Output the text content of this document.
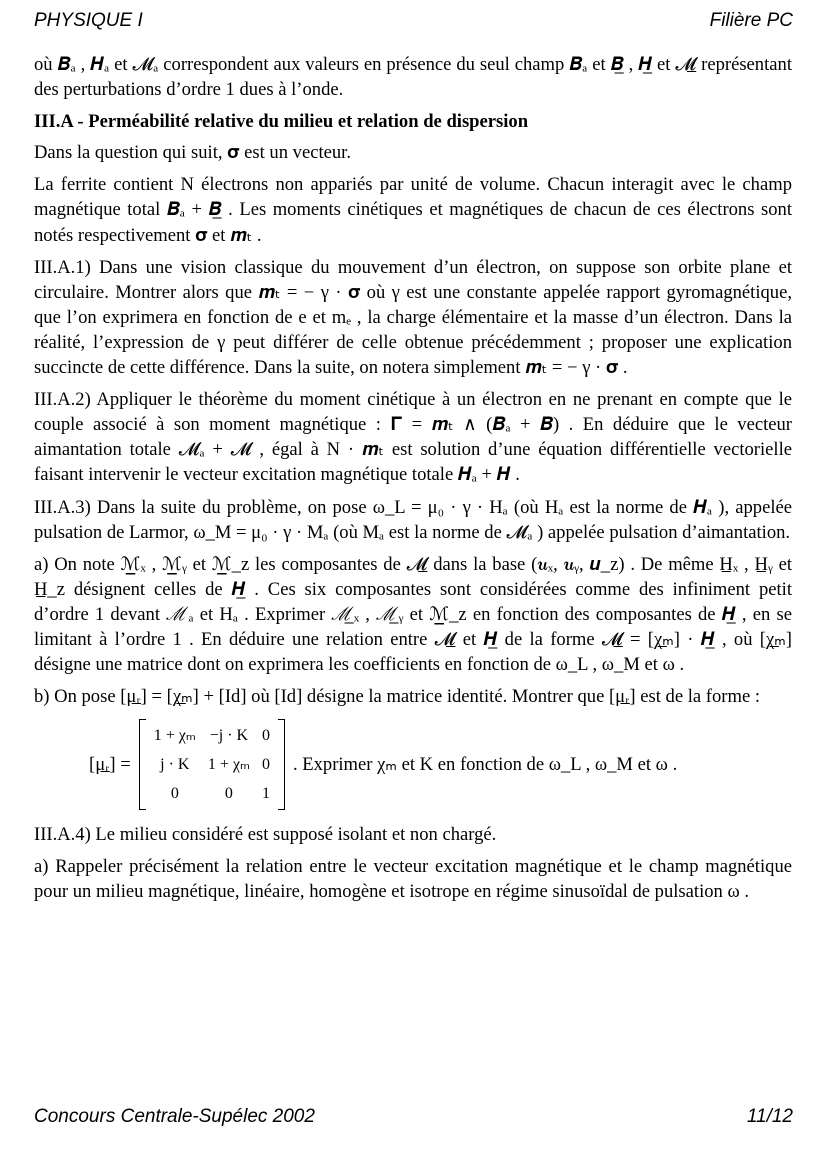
PHYSIQUE I	Filière PC

où 𝑩ₐ , 𝑯ₐ et 𝓜ₐ correspondent aux valeurs en présence du seul champ 𝑩ₐ et 𝑩̲ , 𝑯̲ et 𝓜̲ représentant des perturbations d’ordre 1 dues à l’onde.

III.A - Perméabilité relative du milieu et relation de dispersion

Dans la question qui suit, 𝛔 est un vecteur.

La ferrite contient N électrons non appariés par unité de volume. Chacun interagit avec le champ magnétique total 𝑩ₐ + 𝑩̲ . Les moments cinétiques et magnétiques de chacun de ces électrons sont notés respectivement 𝛔 et 𝒎ₜ .

III.A.1) Dans une vision classique du mouvement d’un électron, on suppose son orbite plane et circulaire. Montrer alors que 𝒎ₜ = − γ · 𝛔 où γ est une constante appelée rapport gyromagnétique, que l’on exprimera en fonction de e et mₑ , la charge élémentaire et la masse d’un électron. Dans la réalité, l’expression de γ peut différer de celle obtenue précédemment ; proposer une explication succincte de cette différence. Dans la suite, on notera simplement 𝒎ₜ = − γ · 𝛔 .

III.A.2) Appliquer le théorème du moment cinétique à un électron en ne prenant en compte que le couple associé à son moment magnétique : 𝚪 = 𝒎ₜ ∧ (𝑩ₐ + 𝑩) . En déduire que le vecteur aimantation totale 𝓜ₐ + 𝓜 , égal à N · 𝒎ₜ est solution d’une équation différentielle vectorielle faisant intervenir le vecteur excitation magnétique totale 𝑯ₐ + 𝑯 .

III.A.3) Dans la suite du problème, on pose ω_L = μ₀ · γ · Hₐ (où Hₐ est la norme de 𝑯ₐ ), appelée pulsation de Larmor, ω_M = μ₀ · γ · Mₐ (où Mₐ est la norme de 𝓜ₐ ) appelée pulsation d’aimantation.

a) On note ℳ̲ₓ , ℳ̲ᵧ et ℳ̲_z les composantes de 𝓜̲ dans la base (𝒖ₓ, 𝒖ᵧ, 𝒖_z) . De même H̲ₓ , H̲ᵧ et H̲_z désignent celles de 𝑯̲ . Ces six composantes sont considérées comme des infiniment petit d’ordre 1 devant ℳₐ et Hₐ . Exprimer ℳ̲ₓ , ℳ̲ᵧ et ℳ̲_z en fonction des composantes de 𝑯̲ , en se limitant à l’ordre 1 . En déduire une relation entre 𝓜̲ et 𝑯̲ de la forme 𝓜̲ = [χ̲ₘ] · 𝑯̲ , où [χ̲ₘ] désigne une matrice dont on exprimera les coefficients en fonction de ω_L , ω_M et ω .

b) On pose [μ̲ᵣ] = [χ̲ₘ] + [Id] où [Id] désigne la matrice identité. Montrer que [μ̲ᵣ] est de la forme :

[μ̲ᵣ] =
1 + χₘ	−j · K	0
j · K	1 + χₘ	0
0	0	1
. Exprimer χₘ et K en fonction de ω_L , ω_M et ω .

III.A.4) Le milieu considéré est supposé isolant et non chargé.

a) Rappeler précisément la relation entre le vecteur excitation magnétique et le champ magnétique pour un milieu magnétique, linéaire, homogène et isotrope en régime sinusoïdal de pulsation ω .

Concours Centrale-Supélec 2002	11/12
